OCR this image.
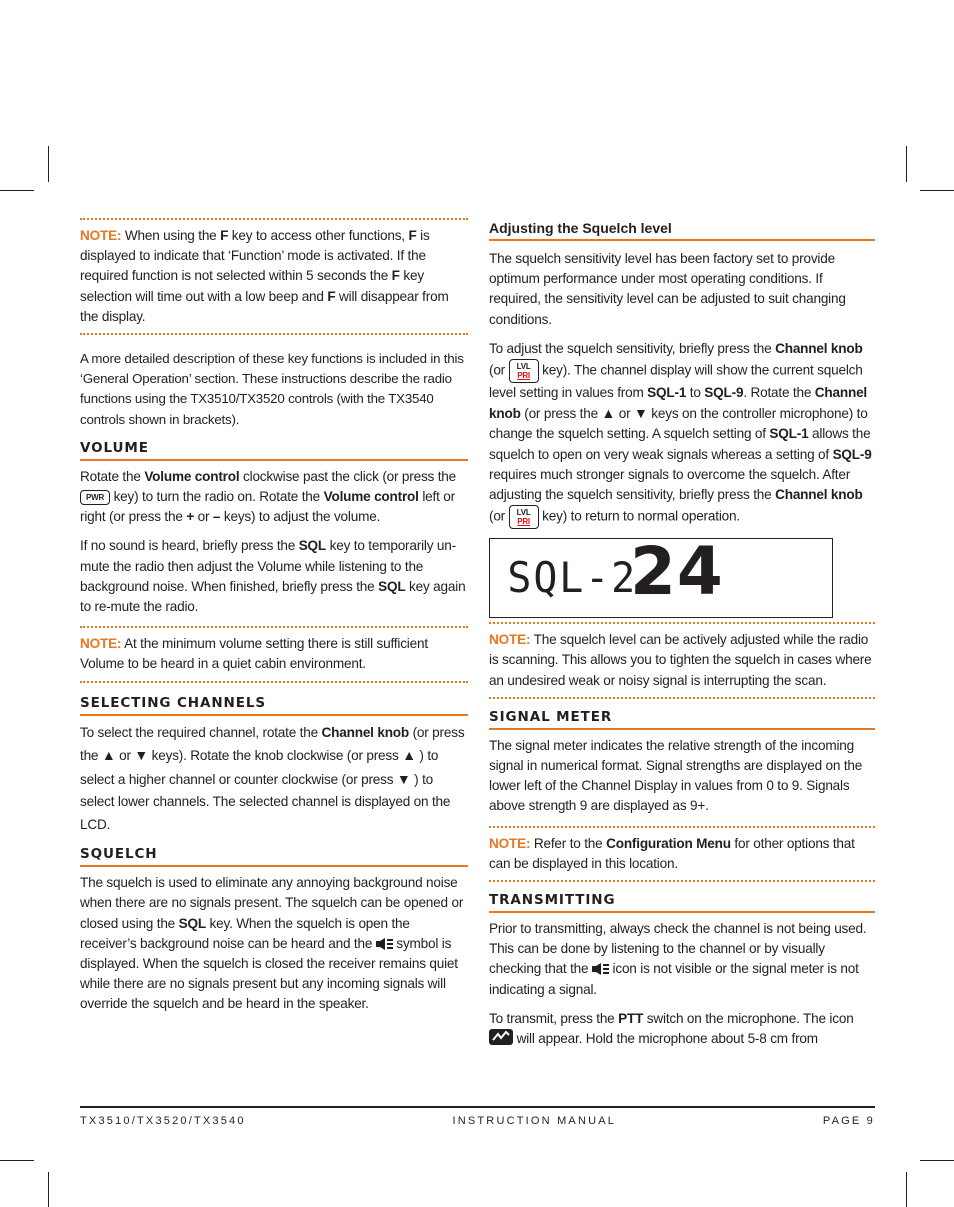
NOTE: When using the F key to access other functions, F is displayed to indicate that ‘Function’ mode is activated. If the required function is not selected within 5 seconds the F key selection will time out with a low beep and F will disappear from the display.

A more detailed description of these key functions is included in this ‘General Operation’ section. These instructions describe the radio functions using the TX3510/TX3520 controls (with the TX3540 controls shown in brackets).

VOLUME

Rotate the Volume control clockwise past the click (or press the PWR key) to turn the radio on. Rotate the Volume control left or right (or press the + or – keys) to adjust the volume.

If no sound is heard, briefly press the SQL key to temporarily un-mute the radio then adjust the Volume while listening to the background noise. When finished, briefly press the SQL key again to re-mute the radio.

NOTE: At the minimum volume setting there is still sufficient Volume to be heard in a quiet cabin environment.

SELECTING CHANNELS

To select the required channel, rotate the Channel knob (or press the ▲ or ▼ keys). Rotate the knob clockwise (or press ▲ ) to select a higher channel or counter clockwise (or press ▼ ) to select lower channels. The selected channel is displayed on the LCD.

SQUELCH

The squelch is used to eliminate any annoying background noise when there are no signals present. The squelch can be opened or closed using the SQL key. When the squelch is open the receiver’s background noise can be heard and the  symbol is displayed. When the squelch is closed the receiver remains quiet while there are no signals present but any incoming signals will override the squelch and be heard in the speaker.

Adjusting the Squelch level

The squelch sensitivity level has been factory set to provide optimum performance under most operating conditions. If required, the sensitivity level can be adjusted to suit changing conditions.

To adjust the squelch sensitivity, briefly press the Channel knob (or LVL
PRI key). The channel display will show the current squelch level setting in values from SQL-1 to SQL-9. Rotate the Channel knob (or press the ▲ or ▼ keys on the controller microphone) to change the squelch setting. A squelch setting of SQL-1 allows the squelch to open on very weak signals whereas a setting of SQL-9 requires much stronger signals to overcome the squelch. After adjusting the squelch sensitivity, briefly press the Channel knob (or LVL
PRI key) to return to normal operation.

SQL-2
24

NOTE: The squelch level can be actively adjusted while the radio is scanning. This allows you to tighten the squelch in cases where an undesired weak or noisy signal is interrupting the scan.

SIGNAL METER

The signal meter indicates the relative strength of the incoming signal in numerical format. Signal strengths are displayed on the lower left of the Channel Display in values from 0 to 9. Signals above strength 9 are displayed as 9+.

NOTE: Refer to the Configuration Menu for other options that can be displayed in this location.

TRANSMITTING

Prior to transmitting, always check the channel is not being used. This can be done by listening to the channel or by visually checking that the  icon is not visible or the signal meter is not indicating a signal.

To transmit, press the PTT switch on the microphone. The icon  will appear. Hold the microphone about 5-8 cm from

TX3510/TX3520/TX3540	INSTRUCTION MANUAL	PAGE 9
